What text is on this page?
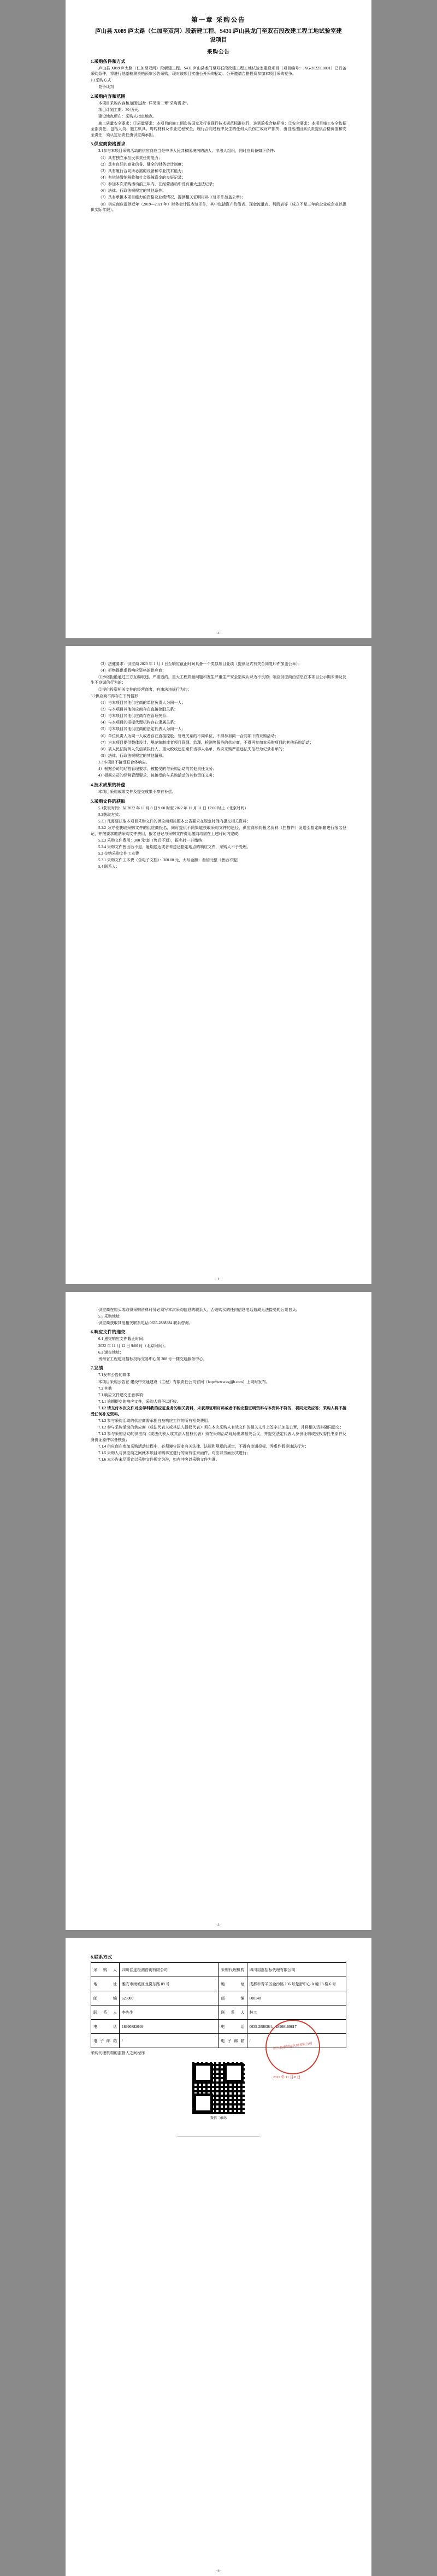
第一章 采购公告
庐山县 X089 庐太路（仁加至双河）段新建工程、S431 庐山县龙门至双石段改建工程工地试验室建设项目
采购公告
1.采购条件和方式

庐山县 X089 庐太路（仁加至双河）段新建工程、S431 庐山县龙门至双石段改建工程工地试验室建设项目（项目编号：JXG-2022110001）已具备采购条件，将进行地基检测资格预审公告采购，现对该项目实施公开采购招动、公开邀请合格投资参加本项目采购竞争。

1.1采购方式

竞争谈判

2.采购内容和范围

本项目采购内容和范围包括：详见第二章"采购需求"。

项目计划工期：30 历天。

建设地点所在：采购人指定地点。

施工质量安全要求：①质量要求：本项目的施工期次按国家及行业现行技术规范标准执行，达到验收合格标准；②安全要求：本项目施工安全依据全部责任，包括人员、施工机具、周转材料及作业过程安全，履行合同过程中发生的任何人员伤亡或财产损失，由自然法因素负责提供合格价值和安全责任，须认定后责任由供应商承担。

3.供应商资格要求

3.1参与本项目采购活动的供应商应当是中华人民共和国境内的法人、非法人组织，同时应具备如下条件：

（1）具有独立承担民事责任的能力；

（2）具有良好的商业信誉、健全的财务会计制度；

（3）具有履行合同所必需的设备和专业技术能力；

（4）有依法缴纳税收和社会保障资金的良好记录；

（5）参加本次采购活动前三年内，在经营活动中没有重大违法记录；

（6）法律、行政法规规定的其他条件。

（7）具有承担本项目能力的资格及业绩情况，提供相关证明材料（复印件加盖公章）；

（8）供应商应提供近年（2019—2021 年）财务会计报表复印件，其中包括资产负债表、现金流量表、利润表等（成立不足三年的企业或企业以提供实际年限）。

- 3 -

（3）法健要求：供应商 2020 年 1 月 1 日至响应截止时间具备一个类似项目业绩（提供证式有关合同复印件加盖公章）；

（4）拒绝提供虚假响应资格的供应商；

①承诺拒绝通过三方互编取违，严重造约，重大工程质量问题和发生严重生产安全造成认识为不良的；响应供应商由信息在本项目公示期未满及发生不良诚信行为的；

②提供投资相关文件的经营商者，有违法违规行为的；

3.2供应商不得存在下列情形：

（1）与本项目其他供应商的单位负责人为同一人；

（2）与本项目其他供应商存在直接控股关系；

（3）与本项目其他供应商存在管理关系；

（4）与本项目的招标代理机构存在隶属关系；

（5）与本项目其他供应商的法定代表人为同一人；

（6）单位负责人为同一人或者存在直接控股、管理关系的不同单位，不得参加同一合同项下的采购活动；

（7）为本项目提供整体设计、规范编制或者项目管理、监理、检测等服务的供应商，不得再参加本采购项目的其他采购活动；

（8）被人民法院列入失信被执行人、重大税收违法案件当事人名单、政府采购严重违法失信行为记录名单的；

（9）法律、行政法规规定的其他情形。

3.3本项目不接受联合体响应。

4）根据公司的经营管理要求，被接受的与采购活动的其他责任义务；

4）根据公司的经营管理要求，被接受的与采购活动的其他责任义务；

4.技术成果的补偿

本项目采购成果文件及提交成果不享有补偿。

5.采购文件的获取

5.1获取时间：从 2022 年 11 月 8 日 9:00 时至 2022 年 11 月 11 日 17:00 时止（北京时间）

5.2获取方式：

5.2.1 凡需要获取本项目采购文件的供应商须按照本公告要求在规定时间内提交相关资料；

5.2.2 为方便获取采购文件的供应商报名，同时提供不同渠道获取采购文件的途径，供应商须将报名资料（扫描件）发送至指定邮箱进行报名登记，并按要求缴纳采购文件费用，报名登记与采购文件费用缴纳均需在上述时间内完成；

5.2.3 采购文件费用：300 元/套（售后不退），报名时一并缴纳；

5.2.4 采购文件售出后不退，逾期送达或者未送达指定地点的响应文件，采购人不予受理。

5.3 交纳采购文件工本费

5.3.1 采购文件工本费（含电子文档）：300.00 元，大写金额：叁佰元整（售后不退）

5.4 联系人：

- 4 -

供应商在购买或取得采购资料时务必须写本次采购信息的联系人，否则购买的任何信息电话造成无法接受的后果自负。

5.5 采购地址

供应商获取其他相关联系电话 0635-2888384 联系咨询。

6.响应文件的递交

6.1 递交响应文件截止时间：

2022 年 11 月 12 日 9:00 时（北京时间）。

6.2 递交地址：

贵州省工程建设招标投标交易中心第 308 号一楼交通服务中心。

7.发绩

7.1发布公告的媒体

本项目采购公告在 建设中交通建设（工程）有限责任公司官网（http://www.zgjjjb.com）上同时发布。

7.2 其他

7.1 响应文件递交注意事项：

7.1.1 逾期提交的响应文件，采购人将予以拒收。

7.1.2 请交付本次文件对应学科教的应征业务的相关资料，未获得证明材料或者不能完整证明资料与本资料不符的，视同无效应答；采购人将不接受任何补充资料。

7.1.3 参与采购活动的供应商需承担自身响应工作的所有相关费用。

7.1.2 参与采购活动的供应商（或法代表人或其法人授权代表）须在本次采购人有效文件的相关文件上签字并加盖公章，并将相关资料随同递交；

7.1.3 参与采购活动的供应商（或法代表人或其法人授权代表）须在采购活动现场出席相关会议，并提交法定代表人身份证明或授权委托书原件及身份证原件以备核验；

7.1.4 供应商在参加采购活动过程中，必须遵守国家有关法律、法规和规章的规定，不得有串通投标、弄虚作假等违法行为；

7.1.5 采购人与供应商之间就本项目采购事宜进行的所有往来函件，均应以书面形式进行；

7.1.6 本公告未尽事宜以采购文件规定为准，如有冲突以采购文件为准。

- 5 -
8.联系方式
采 购 人	四川佳连检测咨询有限公司	采购代理机构	四川裕惠招标代理有限公司
地 址	雅安市雨城区龙岗东路 89 号	地 址	成都市青羊区金沙路 136 号楚舒中心 A 幢 18 楼 6 号
邮 编	625000	邮 编	600140
联 系 人	李先生	联 系 人	林工
电 话	18990882046	电 话	0635-2888384、18908169817
电子邮箱	/	电子邮箱	/
四川裕惠招标代理有限公司
2022 年 11 月 8 日

采购代理机构的监督人之间程序

微信二维码
- 6 -
